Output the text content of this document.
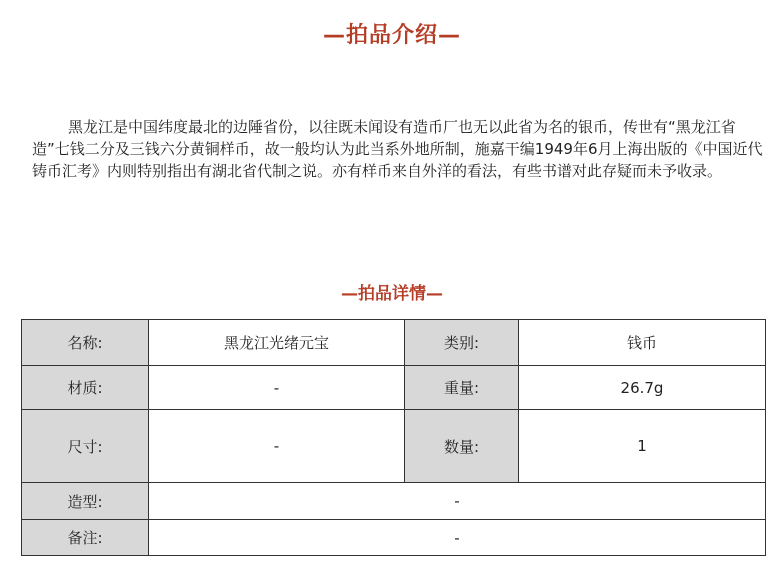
—拍品介绍—

黑龙江是中国纬度最北的边陲省份，以往既未闻设有造币厂也无以此省为名的银币，传世有“黑龙江省造”七钱二分及三钱六分黄铜样币，故一般均认为此当系外地所制，施嘉干编1949年6月上海出版的《中国近代铸币汇考》内则特别指出有湖北省代制之说。亦有样币来自外洋的看法，有些书谱对此存疑而未予收录。

—拍品详情—
名称:	黑龙江光绪元宝	类别:	钱币
材质:	-	重量:	26.7g
尺寸:	-	数量:	1
造型:	-		
备注:	-		
